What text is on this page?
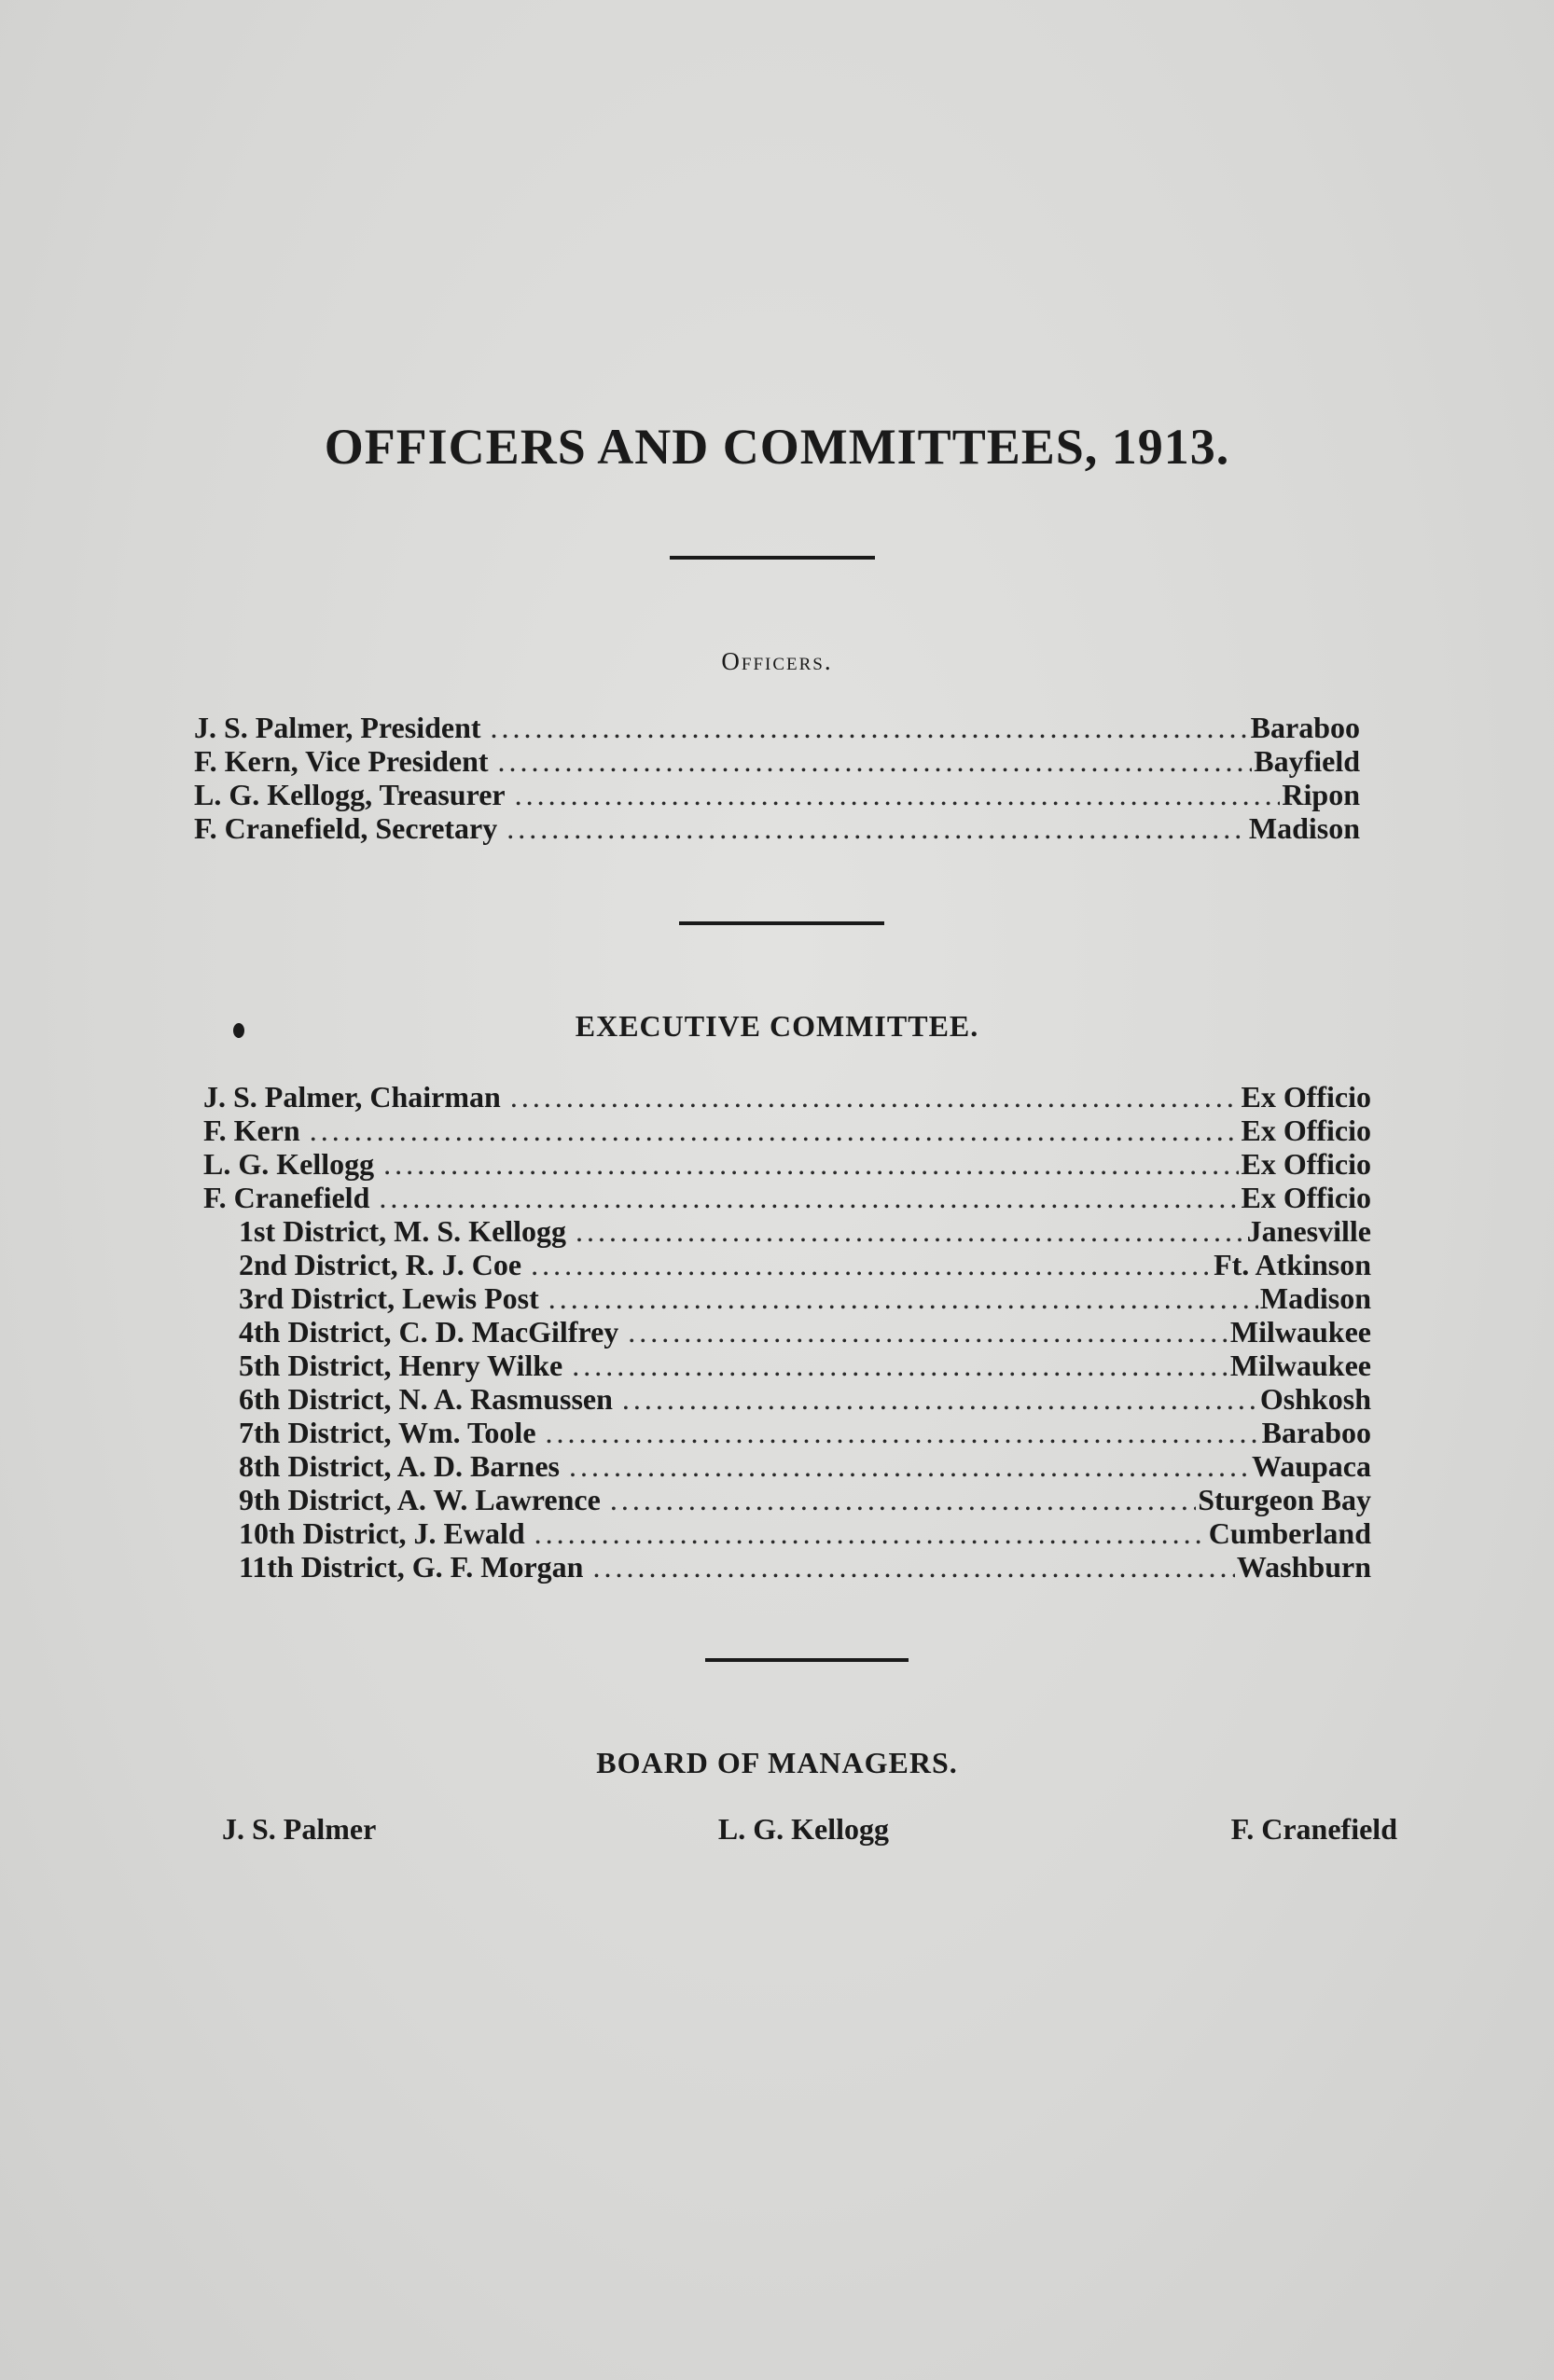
OFFICERS AND COMMITTEES, 1913.
Officers.
J. S. Palmer, President .....	Baraboo
F. Kern, Vice President .....	Bayfield
L. G. Kellogg, Treasurer .....	Ripon
F. Cranefield, Secretary .....	Madison
EXECUTIVE COMMITTEE.
J. S. Palmer, Chairman .....	Ex Officio
F. Kern .....	Ex Officio
L. G. Kellogg .....	Ex Officio
F. Cranefield .....	Ex Officio
1st District, M. S. Kellogg .....	Janesville
2nd District, R. J. Coe .....	Ft. Atkinson
3rd District, Lewis Post .....	Madison
4th District, C. D. MacGilfrey .....	Milwaukee
5th District, Henry Wilke .....	Milwaukee
6th District, N. A. Rasmussen .....	Oshkosh
7th District, Wm. Toole .....	Baraboo
8th District, A. D. Barnes .....	Waupaca
9th District, A. W. Lawrence .....	Sturgeon Bay
10th District, J. Ewald .....	Cumberland
11th District, G. F. Morgan .....	Washburn
BOARD OF MANAGERS.
J. S. Palmer	L. G. Kellogg	F. Cranefield
